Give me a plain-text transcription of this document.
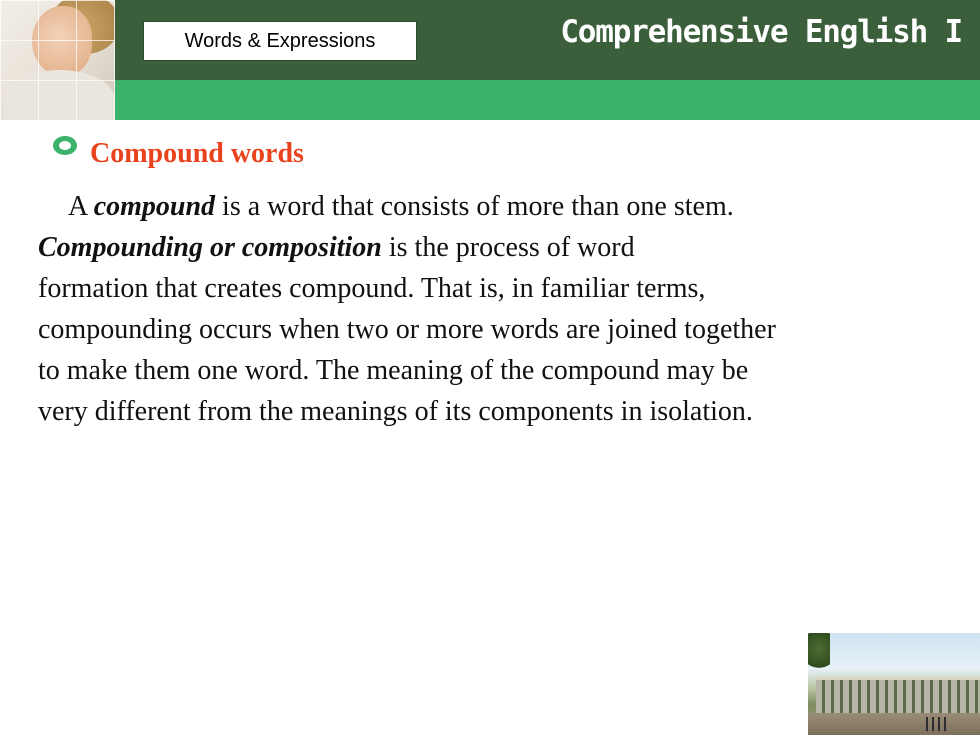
Words & Expressions	Comprehensive English I
Compound words
A compound is a word that consists of more than one stem.
Compounding or composition is the process of word
formation that creates compound. That is, in familiar terms,
compounding occurs when two or more words are joined together
to make them one word. The meaning of the compound may be
very different from the meanings of its components in isolation.
